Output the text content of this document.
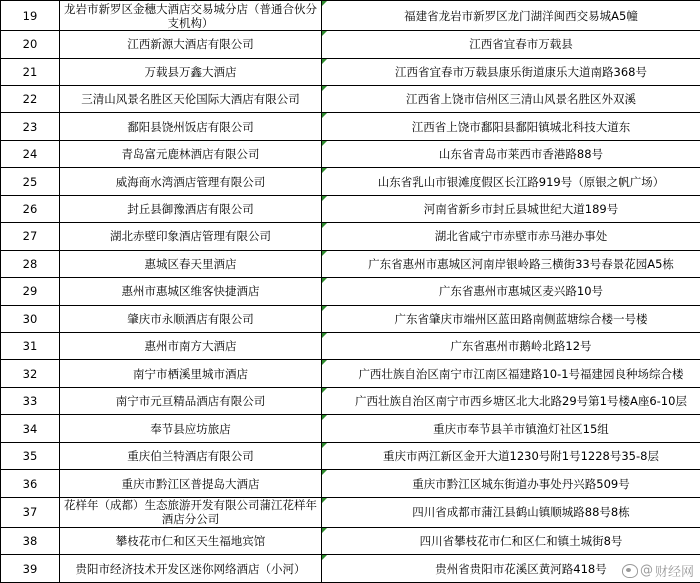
19	龙岩市新罗区金穗大酒店交易城分店（普通合伙分支机构）	福建省龙岩市新罗区龙门湖洋闽西交易城A5幢
20	江西新源大酒店有限公司	江西省宜春市万载县
21	万载县万鑫大酒店	江西省宜春市万载县康乐街道康乐大道南路368号
22	三清山风景名胜区天伦国际大酒店有限公司	江西省上饶市信州区三清山风景名胜区外双溪
23	鄱阳县饶州饭店有限公司	江西省上饶市鄱阳县鄱阳镇城北科技大道东
24	青岛富元鹿林酒店有限公司	山东省青岛市莱西市香港路88号
25	威海商水湾酒店管理有限公司	山东省乳山市银滩度假区长江路919号（原银之帆广场）
26	封丘县御豫酒店有限公司	河南省新乡市封丘县城世纪大道189号
27	湖北赤壁印象酒店管理有限公司	湖北省咸宁市赤壁市赤马港办事处
28	惠城区春天里酒店	广东省惠州市惠城区河南岸银岭路三横街33号春景花园A5栋
29	惠州市惠城区维客快捷酒店	广东省惠州市惠城区麦兴路10号
30	肇庆市永顺酒店有限公司	广东省肇庆市端州区蓝田路南侧蓝塘综合楼一号楼
31	惠州市南方大酒店	广东省惠州市鹅岭北路12号
32	南宁市栖溪里城市酒店	广西壮族自治区南宁市江南区福建路10-1号福建园良种场综合楼
33	南宁市元亘精品酒店有限公司	广西壮族自治区南宁市西乡塘区北大北路29号第1号楼A座6-10层
34	奉节县应坊旅店	重庆市奉节县羊市镇渔灯社区15组
35	重庆伯兰特酒店有限公司	重庆市两江新区金开大道1230号附1号1228号35-8层
36	重庆市黔江区普提岛大酒店	重庆市黔江区城东街道办事处丹兴路509号
37	花样年（成都）生态旅游开发有限公司蒲江花样年酒店分公司	四川省成都市蒲江县鹤山镇顺城路88号8栋
38	攀枝花市仁和区天生福地宾馆	四川省攀枝花市仁和区仁和镇土城街8号
39	贵阳市经济技术开发区迷你网络酒店（小河）	贵州省贵阳市花溪区黄河路418号	@ 财经网
